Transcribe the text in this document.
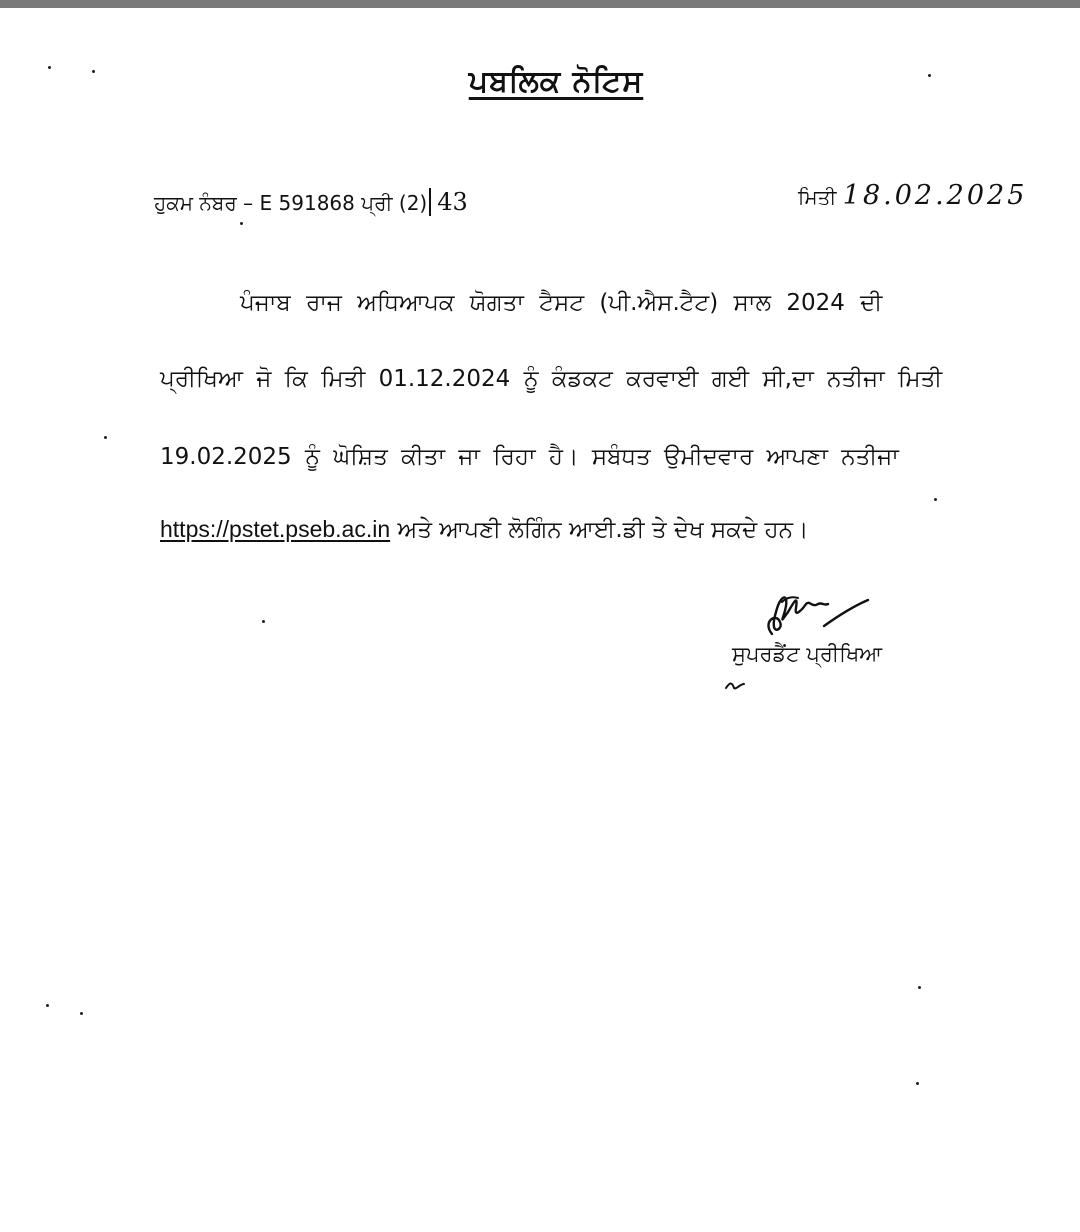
ਪਬਲਿਕ ਨੋਟਿਸ
ਹੁਕਮ ਨੰਬਰ – E 591868 ਪ੍ਰੀ (2) 43	ਮਿਤੀ 18.02.2025
ਪੰਜਾਬ ਰਾਜ ਅਧਿਆਪਕ ਯੋਗਤਾ ਟੈਸਟ (ਪੀ.ਐਸ.ਟੈਟ) ਸਾਲ 2024 ਦੀ
ਪ੍ਰੀਖਿਆ ਜੋ ਕਿ ਮਿਤੀ 01.12.2024 ਨੂੰ ਕੰਡਕਟ ਕਰਵਾਈ ਗਈ ਸੀ,ਦਾ ਨਤੀਜਾ ਮਿਤੀ
19.02.2025 ਨੂੰ ਘੋਸ਼ਿਤ ਕੀਤਾ ਜਾ ਰਿਹਾ ਹੈ। ਸਬੰਧਤ ਉਮੀਦਵਾਰ ਆਪਣਾ ਨਤੀਜਾ
https://pstet.pseb.ac.in ਅਤੇ ਆਪਣੀ ਲੋਗਿੰਨ ਆਈ.ਡੀ ਤੇ ਦੇਖ ਸਕਦੇ ਹਨ।
ਸੁਪਰਡੈਂਟ ਪ੍ਰੀਖਿਆ
